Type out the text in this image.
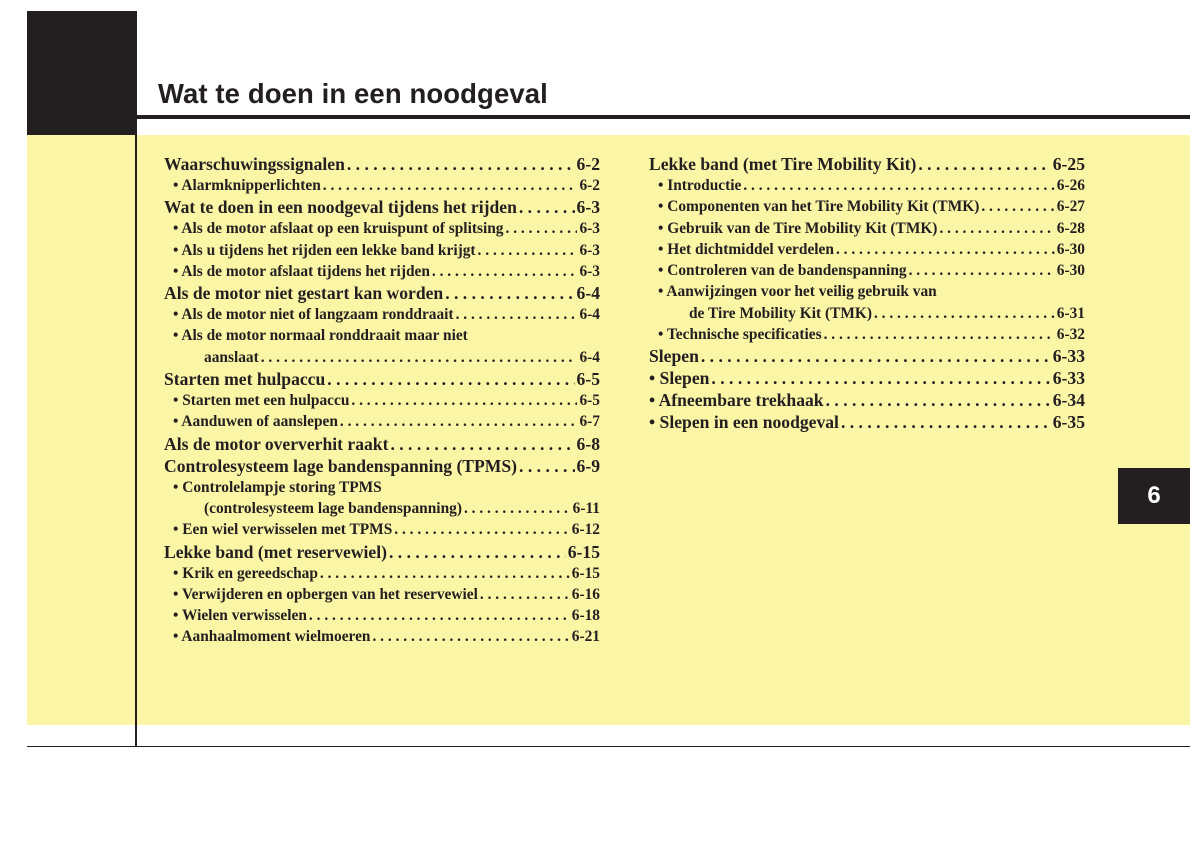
Wat te doen in een noodgeval
Waarschuwingssignalen . . .	6-2
• Alarmknipperlichten . . .	6-2
Wat te doen in een noodgeval tijdens het rijden . . .	6-3
• Als de motor afslaat op een kruispunt of splitsing . . .	6-3
• Als u tijdens het rijden een lekke band krijgt . . .	6-3
• Als de motor afslaat tijdens het rijden . . .	6-3
Als de motor niet gestart kan worden . . .	6-4
• Als de motor niet of langzaam ronddraait . . .	6-4
• Als de motor normaal ronddraait maar niet
aanslaat . . .	6-4
Starten met hulpaccu . . .	6-5
• Starten met een hulpaccu . . .	6-5
• Aanduwen of aanslepen . . .	6-7
Als de motor oververhit raakt . . .	6-8
Controlesysteem lage bandenspanning (TPMS) . . .	6-9
• Controlelampje storing TPMS
(controlesysteem lage bandenspanning) . . .	6-11
• Een wiel verwisselen met TPMS . . .	6-12
Lekke band (met reservewiel) . . .	6-15
• Krik en gereedschap . . .	6-15
• Verwijderen en opbergen van het reservewiel . . .	6-16
• Wielen verwisselen . . .	6-18
• Aanhaalmoment wielmoeren . . .	6-21
Lekke band (met Tire Mobility Kit) . . .	6-25
• Introductie . . .	6-26
• Componenten van het Tire Mobility Kit (TMK) . . .	6-27
• Gebruik van de Tire Mobility Kit (TMK) . . .	6-28
• Het dichtmiddel verdelen . . .	6-30
• Controleren van de bandenspanning . . .	6-30
• Aanwijzingen voor het veilig gebruik van
de Tire Mobility Kit (TMK) . . .	6-31
• Technische specificaties . . .	6-32
Slepen . . .	6-33
• Slepen . . .	6-33
• Afneembare trekhaak . . .	6-34
• Slepen in een noodgeval . . .	6-35
6
